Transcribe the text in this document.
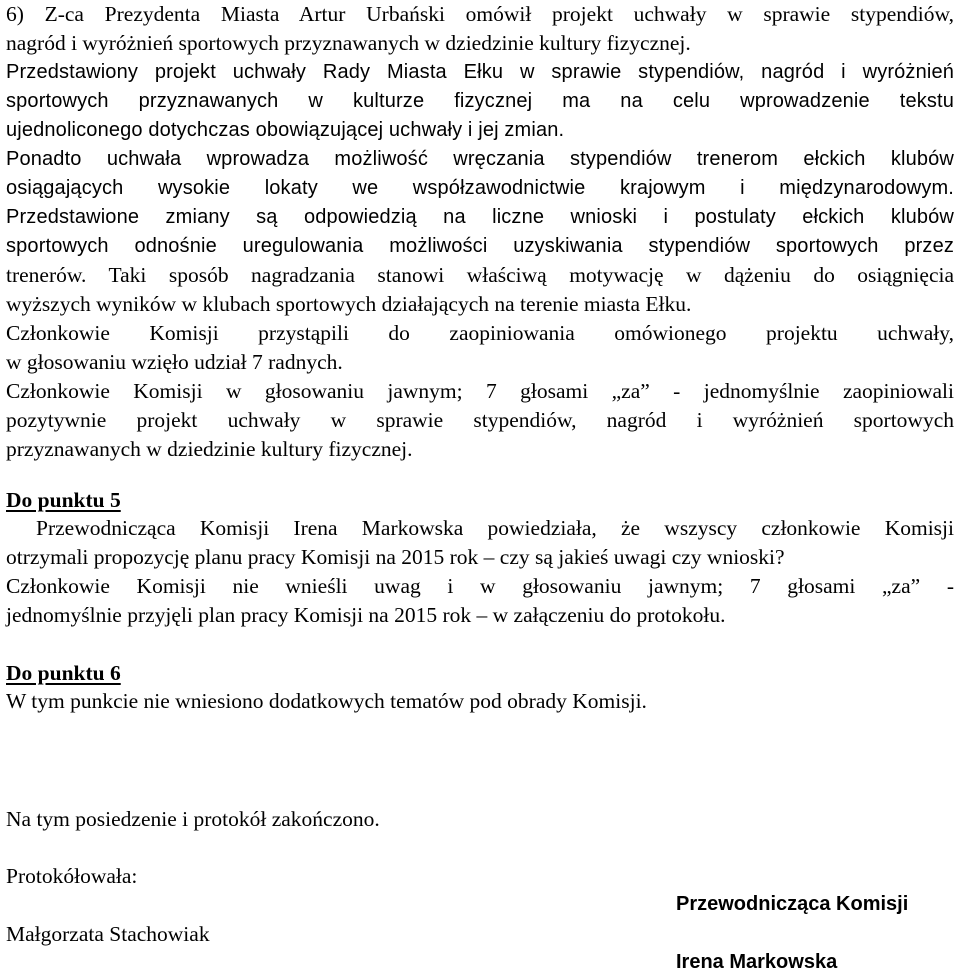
6) Z-ca Prezydenta Miasta Artur Urbański omówił projekt uchwały w sprawie stypendiów,
nagród i wyróżnień sportowych przyznawanych w dziedzinie kultury fizycznej.
Przedstawiony projekt uchwały Rady Miasta Ełku w sprawie stypendiów, nagród i wyróżnień
sportowych przyznawanych w kulturze fizycznej ma na celu wprowadzenie tekstu
ujednoliconego dotychczas obowiązującej uchwały i jej zmian.
Ponadto uchwała wprowadza możliwość wręczania stypendiów trenerom ełckich klubów
osiągających wysokie lokaty we współzawodnictwie krajowym i międzynarodowym.
Przedstawione zmiany są odpowiedzią na liczne wnioski i postulaty ełckich klubów
sportowych odnośnie uregulowania możliwości uzyskiwania stypendiów sportowych przez
trenerów. Taki sposób nagradzania stanowi właściwą motywację w dążeniu do osiągnięcia
wyższych wyników w klubach sportowych działających na terenie miasta Ełku.
Członkowie Komisji przystąpili do zaopiniowania omówionego projektu uchwały,
w głosowaniu wzięło udział 7 radnych.
Członkowie Komisji w głosowaniu jawnym; 7 głosami „za” - jednomyślnie zaopiniowali
pozytywnie projekt uchwały w sprawie stypendiów, nagród i wyróżnień sportowych
przyznawanych w dziedzinie kultury fizycznej.
Do punktu 5
Przewodnicząca Komisji Irena Markowska powiedziała, że wszyscy członkowie Komisji
otrzymali propozycję planu pracy Komisji na 2015 rok – czy są jakieś uwagi czy wnioski?
Członkowie Komisji nie wnieśli uwag i w głosowaniu jawnym; 7 głosami „za” -
jednomyślnie przyjęli plan pracy Komisji na 2015 rok – w załączeniu do protokołu.
Do punktu 6
W tym punkcie nie wniesiono dodatkowych tematów pod obrady Komisji.
Na tym posiedzenie i protokół zakończono.
Protokółowała:
Małgorzata Stachowiak
Przewodnicząca Komisji
Irena Markowska
